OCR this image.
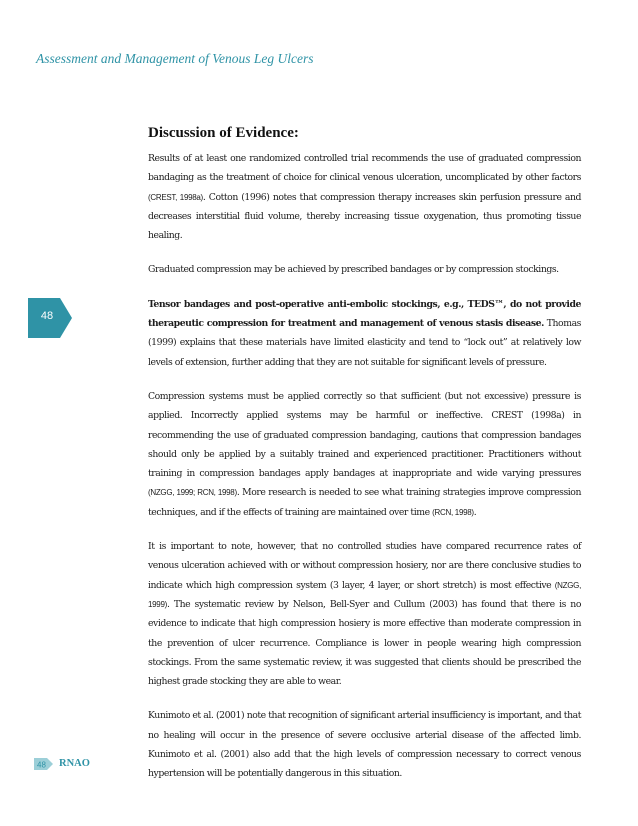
Assessment and Management of Venous Leg Ulcers
48
Discussion of Evidence:

Results of at least one randomized controlled trial recommends the use of graduated compression bandaging as the treatment of choice for clinical venous ulceration, uncomplicated by other factors (CREST, 1998a). Cotton (1996) notes that compression therapy increases skin perfusion pressure and decreases interstitial fluid volume, thereby increasing tissue oxygenation, thus promoting tissue healing.

Graduated compression may be achieved by prescribed bandages or by compression stockings.

Tensor bandages and post-operative anti-embolic stockings, e.g., TEDS™, do not provide therapeutic compression for treatment and management of venous stasis disease. Thomas (1999) explains that these materials have limited elasticity and tend to “lock out” at relatively low levels of extension, further adding that they are not suitable for significant levels of pressure.

Compression systems must be applied correctly so that sufficient (but not excessive) pressure is applied. Incorrectly applied systems may be harmful or ineffective. CREST (1998a) in recommending the use of graduated compression bandaging, cautions that compression bandages should only be applied by a suitably trained and experienced practitioner. Practitioners without training in compression bandages apply bandages at inappropriate and wide varying pressures (NZGG, 1999; RCN, 1998). More research is needed to see what training strategies improve compression techniques, and if the effects of training are maintained over time (RCN, 1998).

It is important to note, however, that no controlled studies have compared recurrence rates of venous ulceration achieved with or without compression hosiery, nor are there conclusive studies to indicate which high compression system (3 layer, 4 layer, or short stretch) is most effective (NZGG, 1999). The systematic review by Nelson, Bell-Syer and Cullum (2003) has found that there is no evidence to indicate that high compression hosiery is more effective than moderate compression in the prevention of ulcer recurrence. Compliance is lower in people wearing high compression stockings. From the same systematic review, it was suggested that clients should be prescribed the highest grade stocking they are able to wear.

Kunimoto et al. (2001) note that recognition of significant arterial insufficiency is important, and that no healing will occur in the presence of severe occlusive arterial disease of the affected limb. Kunimoto et al. (2001) also add that the high levels of compression necessary to correct venous hypertension will be potentially dangerous in this situation.

48 RNAO
